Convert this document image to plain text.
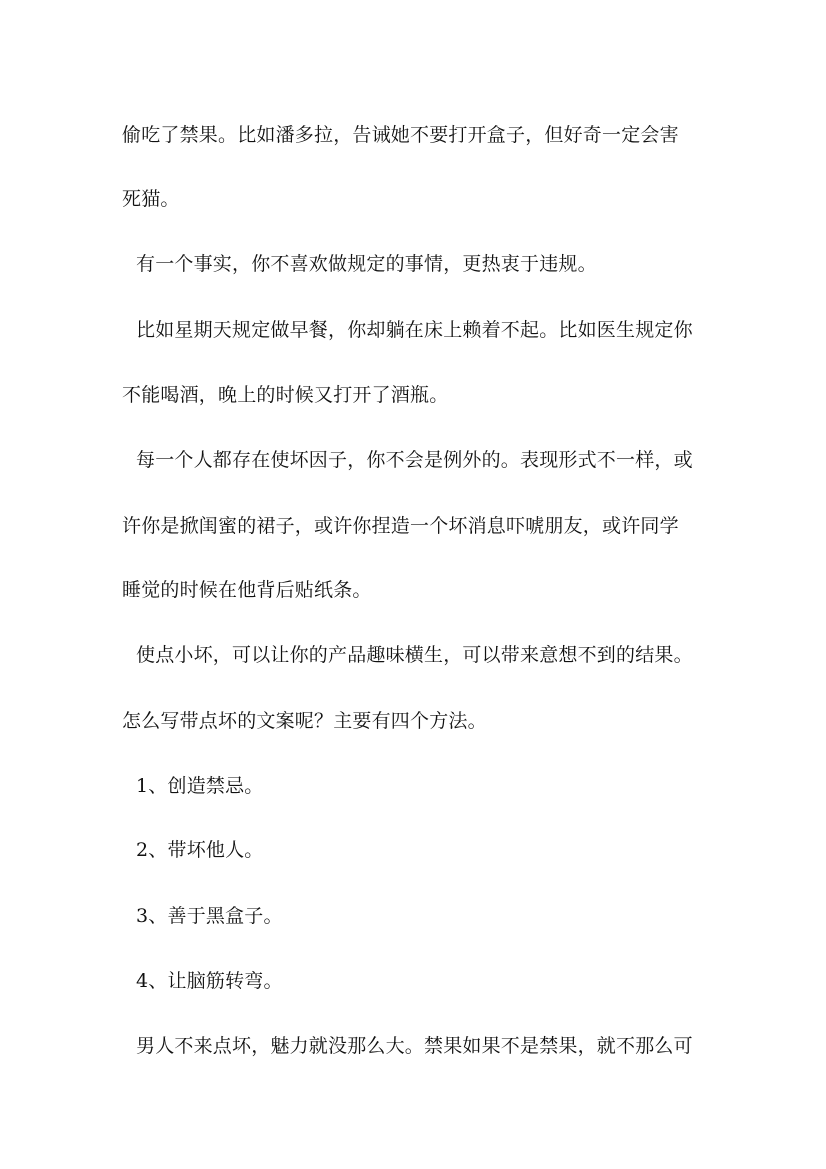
偷吃了禁果。比如潘多拉，告诫她不要打开盒子，但好奇一定会害
死猫。
有一个事实，你不喜欢做规定的事情，更热衷于违规。
比如星期天规定做早餐，你却躺在床上赖着不起。比如医生规定你
不能喝酒，晚上的时候又打开了酒瓶。
每一个人都存在使坏因子，你不会是例外的。表现形式不一样，或
许你是掀闺蜜的裙子，或许你捏造一个坏消息吓唬朋友，或许同学
睡觉的时候在他背后贴纸条。
使点小坏，可以让你的产品趣味横生，可以带来意想不到的结果。
怎么写带点坏的文案呢？主要有四个方法。
1、创造禁忌。
2、带坏他人。
3、善于黑盒子。
4、让脑筋转弯。
男人不来点坏，魅力就没那么大。禁果如果不是禁果，就不那么可
